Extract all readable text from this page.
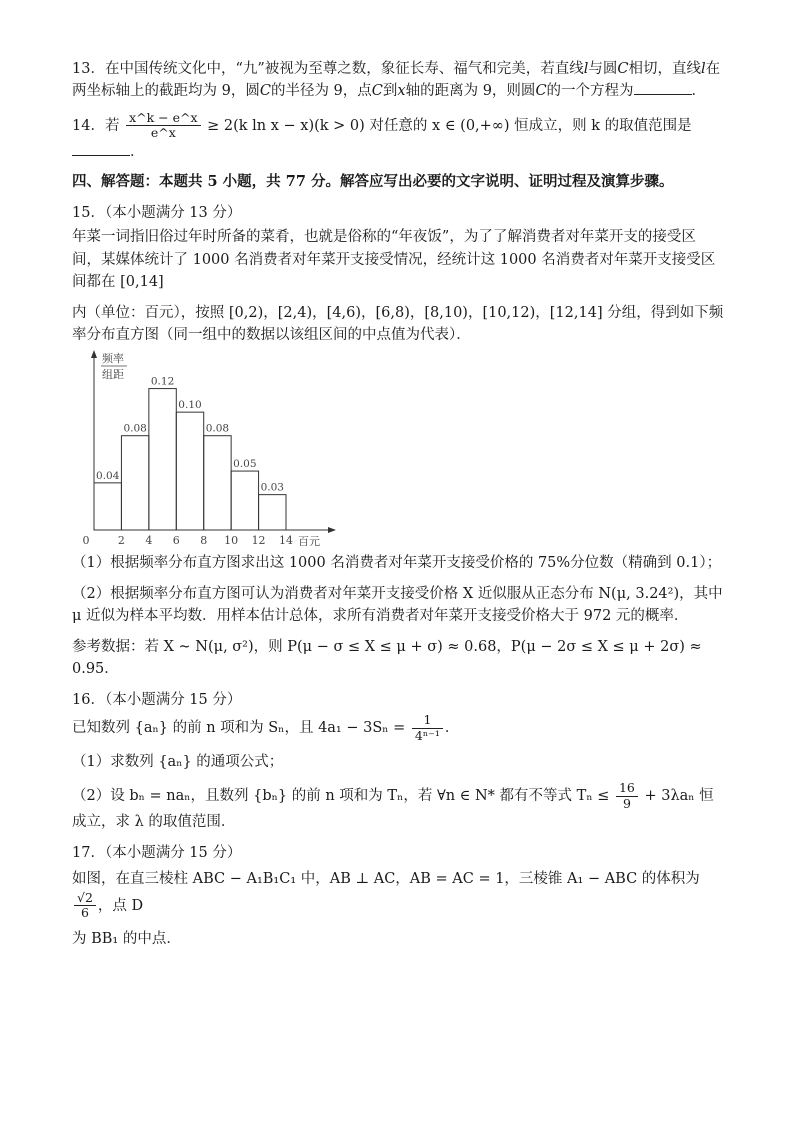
13．在中国传统文化中，“九”被视为至尊之数，象征长寿、福气和完美，若直线l与圆C相切，直线l在
两坐标轴上的截距均为 9，圆C的半径为 9，点C到x轴的距离为 9，则圆C的一个方程为	．

14．若 $\frac{x\^{}k - e\^{}x}{e\^{}x} \ge 2(k$ ln x − x)(k > 0) 对任意的 x ∈ (0,+∞) 恒成立，则 k 的取值范围是．

四、解答题：本题共 5 小题，共 77 分。解答应写出必要的文字说明、证明过程及演算步骤。

15．（本小题满分 13 分）

年菜一词指旧俗过年时所备的菜肴，也就是俗称的“年夜饭”，为了了解消费者对年菜开支的接受区间，某媒体统计了 1000 名消费者对年菜开支接受情况，经统计这 1000 名消费者对年菜开支接受区间都在 [0,14]

内（单位：百元），按照 [0,2)，[2,4)，[4,6)，[6,8)，[8,10)，[10,12)，[12,14] 分组，得到如下频率分布直方图（同一组中的数据以该组区间的中点值为代表）．

频率
组距
0.04
0.08
0.12
0.10
0.08
0.05
0.03
0	2 4 6 8 10 12 14 百元

（1）根据频率分布直方图求出这 1000 名消费者对年菜开支接受价格的 75%分位数（精确到 0.1）；

（2）根据频率分布直方图可认为消费者对年菜开支接受价格 X 近似服从正态分布 N(μ, 3.24²)，其中 μ 近似为样本平均数．用样本估计总体，求所有消费者对年菜开支接受价格大于 972 元的概率．

参考数据：若 X ~ N(μ, σ²)，则 P(μ − σ ≤ X ≤ μ + σ) ≈ 0.68，P(μ − 2σ ≤ X ≤ μ + 2σ) ≈ 0.95．

16．（本小题满分 15 分）

已知数列 {aₙ} 的前 n 项和为 Sₙ，且 $4a_1 - 3S_n = \frac{1}{\text{4ⁿ⁻¹}}$ ．

（1）求数列 {aₙ} 的通项公式；

（2）设 bₙ = naₙ，且数列 {bₙ} 的前 n 项和为 Tₙ，若 ∀n ∈ N* 都有不等式 $T_n \le \frac{16}{9} + 3\lambda a_n$ 恒成立，求 λ 的取值范围．

17．（本小题满分 15 分）

如图，在直三棱柱 ABC − A₁B₁C₁ 中，AB ⊥ AC，AB = AC = 1，三棱锥 A₁ − ABC 的体积为
$\frac{√2}{6}$ ，点 D

为 BB₁ 的中点．
